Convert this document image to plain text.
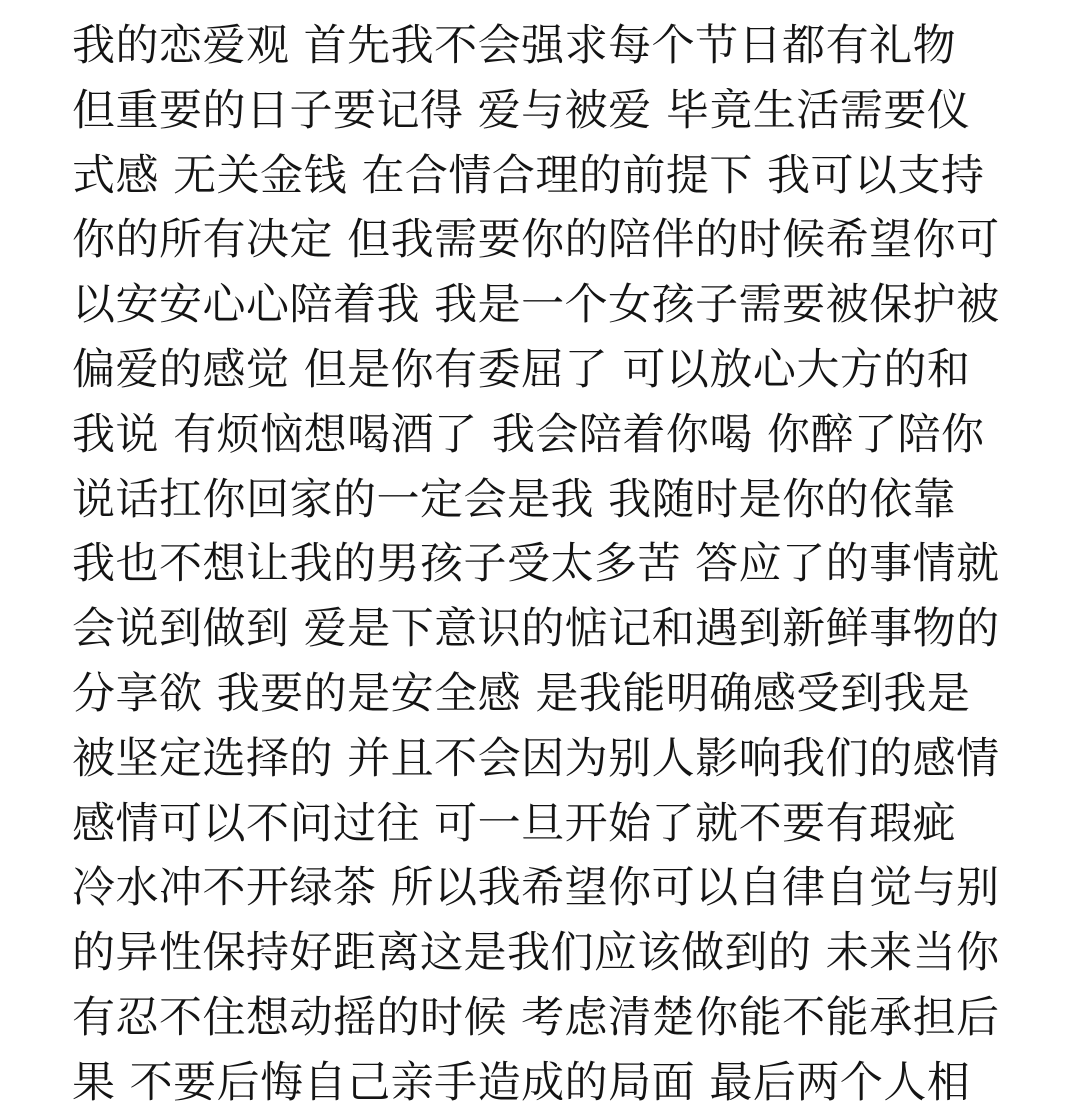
我的恋爱观 首先我不会强求每个节日都有礼物
但重要的日子要记得 爱与被爱 毕竟生活需要仪
式感 无关金钱 在合情合理的前提下 我可以支持
你的所有决定 但我需要你的陪伴的时候希望你可
以安安心心陪着我 我是一个女孩子需要被保护被
偏爱的感觉 但是你有委屈了 可以放心大方的和
我说 有烦恼想喝酒了 我会陪着你喝 你醉了陪你
说话扛你回家的一定会是我 我随时是你的依靠
我也不想让我的男孩子受太多苦 答应了的事情就
会说到做到 爱是下意识的惦记和遇到新鲜事物的
分享欲 我要的是安全感 是我能明确感受到我是
被坚定选择的 并且不会因为别人影响我们的感情
感情可以不问过往 可一旦开始了就不要有瑕疵
冷水冲不开绿茶 所以我希望你可以自律自觉与别
的异性保持好距离这是我们应该做到的 未来当你
有忍不住想动摇的时候 考虑清楚你能不能承担后
果 不要后悔自己亲手造成的局面 最后两个人相
